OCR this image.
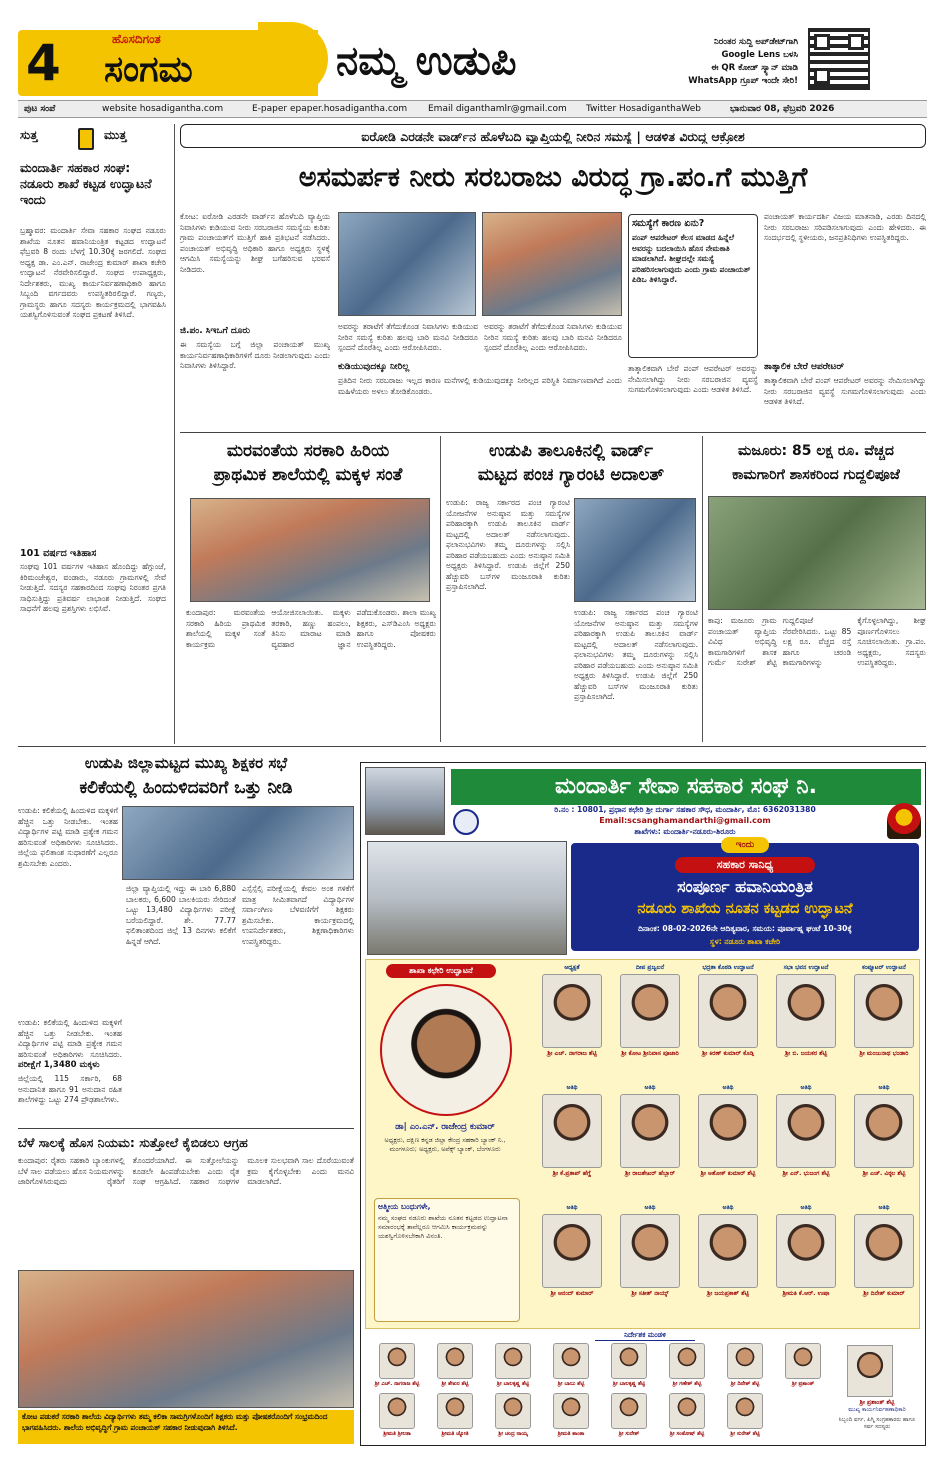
4	ಹೊಸದಿಗಂತ
ಸಂಗಮ	ನಮ್ಮ ಉಡುಪಿ	ನಿರಂತರ ಸುದ್ದಿ ಅಪ್‌ಡೇಟ್‌ಗಾಗಿ
Google Lens ಬಳಸಿ
ಈ QR ಕೋಡ್ ಸ್ಕ್ಯಾನ್ ಮಾಡಿ
WhatsApp ಗ್ರೂಪ್ ಇಂದೇ ಸೇರಿ!
ಪುಟ ಸಂಪೆ	website hosadigantha.com	E-paper epaper.hosadigantha.com Email diganthamlr@gmail.com Twitter HosadiganthaWeb	ಭಾನುವಾರ 08, ಫೆಬ್ರವರಿ 2026
ಸುತ್ತ	ಮುತ್ತ
ಮಂದಾರ್ತಿ ಸಹಕಾರ ಸಂಘ: ನಡೂರು ಶಾಖೆ ಕಟ್ಟಡ ಉದ್ಘಾಟನೆ ಇಂದು
ಬ್ರಹ್ಮಾವರ: ಮಂದಾರ್ತಿ ಸೇವಾ ಸಹಕಾರ ಸಂಘದ ನಡೂರು ಶಾಖೆಯ ನೂತನ ಹವಾನಿಯಂತ್ರಿತ ಕಟ್ಟಡದ ಉದ್ಘಾಟನೆ ಫೆಬ್ರವರಿ 8 ರಂದು ಬೆಳಗ್ಗೆ 10.30ಕ್ಕೆ ಜರಗಲಿದೆ. ಸಂಘದ ಅಧ್ಯಕ್ಷ ಡಾ. ಎಂ.ಎನ್. ರಾಜೇಂದ್ರ ಕುಮಾರ್ ಶಾಖಾ ಕಚೇರಿ ಉದ್ಘಾಟನೆ ನೆರವೇರಿಸಲಿದ್ದಾರೆ. ಸಂಘದ ಉಪಾಧ್ಯಕ್ಷರು, ನಿರ್ದೇಶಕರು, ಮುಖ್ಯ ಕಾರ್ಯನಿರ್ವಹಣಾಧಿಕಾರಿ ಹಾಗೂ ಸಿಬ್ಬಂದಿ ವರ್ಗದವರು ಉಪಸ್ಥಿತರಿರಲಿದ್ದಾರೆ. ಗಣ್ಯರು, ಗ್ರಾಮಸ್ಥರು ಹಾಗೂ ಸದಸ್ಯರು ಕಾರ್ಯಕ್ರಮದಲ್ಲಿ ಭಾಗವಹಿಸಿ ಯಶಸ್ವಿಗೊಳಿಸುವಂತೆ ಸಂಘದ ಪ್ರಕಟಣೆ ತಿಳಿಸಿದೆ.
101 ವರ್ಷದ ಇತಿಹಾಸ
ಸಂಘವು 101 ವರ್ಷಗಳ ಇತಿಹಾಸ ಹೊಂದಿದ್ದು ಹೆಗ್ಗುಂಜೆ, ಕಿರಿಮಂಜೇಶ್ವರ, ವಂಡಾರು, ನಡೂರು ಗ್ರಾಮಗಳಲ್ಲಿ ಸೇವೆ ನೀಡುತ್ತಿದೆ. ಸದಸ್ಯರ ಸಹಕಾರದಿಂದ ಸಂಘವು ನಿರಂತರ ಪ್ರಗತಿ ಸಾಧಿಸುತ್ತಿದ್ದು ಪ್ರತಿವರ್ಷ ಲಾಭಾಂಶ ನೀಡುತ್ತಿದೆ. ಸಂಘದ ಸಾಧನೆಗೆ ಹಲವು ಪ್ರಶಸ್ತಿಗಳು ಲಭಿಸಿವೆ.
ಐರೋಡಿ ಎರಡನೇ ವಾರ್ಡ್‌ನ ಹೊಳೆಬದಿ ವ್ಯಾಪ್ತಿಯಲ್ಲಿ ನೀರಿನ ಸಮಸ್ಯೆ | ಆಡಳಿತ ವಿರುದ್ಧ ಆಕ್ರೋಶ
ಅಸಮರ್ಪಕ ನೀರು ಸರಬರಾಜು ವಿರುದ್ಧ ಗ್ರಾ.ಪಂ.ಗೆ ಮುತ್ತಿಗೆ
ಕೋಟ: ಐರೋಡಿ ಎರಡನೇ ವಾರ್ಡ್‌ನ ಹೊಳೆಬದಿ ವ್ಯಾಪ್ತಿಯ ನಿವಾಸಿಗಳು ಕುಡಿಯುವ ನೀರು ಸರಬರಾಜಿನ ಸಮಸ್ಯೆಯ ಕುರಿತು ಗ್ರಾಮ ಪಂಚಾಯತ್‌ಗೆ ಮುತ್ತಿಗೆ ಹಾಕಿ ಪ್ರತಿಭಟನೆ ನಡೆಸಿದರು. ಪಂಚಾಯತ್ ಅಭಿವೃದ್ಧಿ ಅಧಿಕಾರಿ ಹಾಗೂ ಅಧ್ಯಕ್ಷರು ಸ್ಥಳಕ್ಕೆ ಆಗಮಿಸಿ ಸಮಸ್ಯೆಯನ್ನು ಶೀಘ್ರ ಬಗೆಹರಿಸುವ ಭರವಸೆ ನೀಡಿದರು.
ಜಿ.ಪಂ. ಸಿಇಒಗೆ ದೂರು
ಈ ಸಮಸ್ಯೆಯ ಬಗ್ಗೆ ಜಿಲ್ಲಾ ಪಂಚಾಯತ್ ಮುಖ್ಯ ಕಾರ್ಯನಿರ್ವಹಣಾಧಿಕಾರಿಗಳಿಗೆ ದೂರು ನೀಡಲಾಗುವುದು ಎಂದು ನಿವಾಸಿಗಳು ತಿಳಿಸಿದ್ದಾರೆ.
ಅವರನ್ನು ತರಾಟೆಗೆ ತೆಗೆದುಕೊಂಡ ನಿವಾಸಿಗಳು ಕುಡಿಯುವ ನೀರಿನ ಸಮಸ್ಯೆ ಕುರಿತು ಹಲವು ಬಾರಿ ಮನವಿ ನೀಡಿದರೂ ಸ್ಪಂದನೆ ದೊರೆತಿಲ್ಲ ಎಂದು ಆರೋಪಿಸಿದರು.
ಕುಡಿಯುವುದಕ್ಕೂ ನೀರಿಲ್ಲ
ಪ್ರತಿದಿನ ನೀರು ಸರಬರಾಜು ಇಲ್ಲದ ಕಾರಣ ಮನೆಗಳಲ್ಲಿ ಕುಡಿಯುವುದಕ್ಕೂ ನೀರಿಲ್ಲದ ಪರಿಸ್ಥಿತಿ ನಿರ್ಮಾಣವಾಗಿದೆ ಎಂದು ಮಹಿಳೆಯರು ಅಳಲು ತೋಡಿಕೊಂಡರು.
ಅವರನ್ನು ತರಾಟೆಗೆ ತೆಗೆದುಕೊಂಡ ನಿವಾಸಿಗಳು ಕುಡಿಯುವ ನೀರಿನ ಸಮಸ್ಯೆ ಕುರಿತು ಹಲವು ಬಾರಿ ಮನವಿ ನೀಡಿದರೂ ಸ್ಪಂದನೆ ದೊರೆತಿಲ್ಲ ಎಂದು ಆರೋಪಿಸಿದರು.
ಸಮಸ್ಯೆಗೆ ಕಾರಣ ಏನು?
ಪಂಪ್ ಆಪರೇಟರ್ ಕೆಲಸ ಮಾಡದ ಹಿನ್ನೆಲೆ ಅವರನ್ನು ಬದಲಾಯಿಸಿ ಹೊಸ ನೇಮಕಾತಿ ಮಾಡಲಾಗಿದೆ. ಶೀಘ್ರದಲ್ಲೇ ಸಮಸ್ಯೆ ಪರಿಹರಿಸಲಾಗುವುದು ಎಂದು ಗ್ರಾಮ ಪಂಚಾಯತ್ ಪಿಡಿಒ ತಿಳಿಸಿದ್ದಾರೆ.
ತಾತ್ಕಾಲಿಕವಾಗಿ ಬೇರೆ ಪಂಪ್ ಆಪರೇಟರ್ ಅವರನ್ನು ನೇಮಿಸಲಾಗಿದ್ದು ನೀರು ಸರಬರಾಜಿನ ವ್ಯವಸ್ಥೆ ಸುಗಮಗೊಳಿಸಲಾಗುವುದು ಎಂದು ಆಡಳಿತ ತಿಳಿಸಿದೆ.
ಪಂಚಾಯತ್ ಕಾರ್ಯದರ್ಶಿ ವಿಜಯ ಮಾತನಾಡಿ, ಎರಡು ದಿನದಲ್ಲಿ ನೀರು ಸರಬರಾಜು ಸರಿಪಡಿಸಲಾಗುವುದು ಎಂದು ಹೇಳಿದರು. ಈ ಸಂದರ್ಭದಲ್ಲಿ ಸ್ಥಳೀಯರು, ಜನಪ್ರತಿನಿಧಿಗಳು ಉಪಸ್ಥಿತರಿದ್ದರು.
ತಾತ್ಕಾಲಿಕ ಬೇರೆ ಆಪರೇಟರ್
ತಾತ್ಕಾಲಿಕವಾಗಿ ಬೇರೆ ಪಂಪ್ ಆಪರೇಟರ್ ಅವರನ್ನು ನೇಮಿಸಲಾಗಿದ್ದು ನೀರು ಸರಬರಾಜಿನ ವ್ಯವಸ್ಥೆ ಸುಗಮಗೊಳಿಸಲಾಗುವುದು ಎಂದು ಆಡಳಿತ ತಿಳಿಸಿದೆ.
ಮರವಂತೆಯ ಸರಕಾರಿ ಹಿರಿಯ
ಪ್ರಾಥಮಿಕ ಶಾಲೆಯಲ್ಲಿ ಮಕ್ಕಳ ಸಂತೆ
ಕುಂದಾಪುರ: ಮರವಂತೆಯ ಸರಕಾರಿ ಹಿರಿಯ ಪ್ರಾಥಮಿಕ ಶಾಲೆಯಲ್ಲಿ ಮಕ್ಕಳ ಸಂತೆ ಕಾರ್ಯಕ್ರಮ ಆಯೋಜಿಸಲಾಯಿತು. ಮಕ್ಕಳು ತರಕಾರಿ, ಹಣ್ಣು ಹಂಪಲು, ತಿನಿಸು ಮಾರಾಟ ಮಾಡಿ ವ್ಯವಹಾರ ಜ್ಞಾನ ಪಡೆದುಕೊಂಡರು. ಶಾಲಾ ಮುಖ್ಯ ಶಿಕ್ಷಕರು, ಎಸ್‌ಡಿಎಂಸಿ ಅಧ್ಯಕ್ಷರು ಹಾಗೂ ಪೋಷಕರು ಉಪಸ್ಥಿತರಿದ್ದರು.
ಉಡುಪಿ ತಾಲೂಕಿನಲ್ಲಿ ವಾರ್ಡ್
ಮಟ್ಟದ ಪಂಚ ಗ್ಯಾರಂಟಿ ಅದಾಲತ್
ಉಡುಪಿ: ರಾಜ್ಯ ಸರ್ಕಾರದ ಪಂಚ ಗ್ಯಾರಂಟಿ ಯೋಜನೆಗಳ ಅನುಷ್ಠಾನ ಮತ್ತು ಸಮಸ್ಯೆಗಳ ಪರಿಹಾರಕ್ಕಾಗಿ ಉಡುಪಿ ತಾಲೂಕಿನ ವಾರ್ಡ್ ಮಟ್ಟದಲ್ಲಿ ಅದಾಲತ್ ನಡೆಸಲಾಗುವುದು. ಫಲಾನುಭವಿಗಳು ತಮ್ಮ ದೂರುಗಳನ್ನು ಸಲ್ಲಿಸಿ ಪರಿಹಾರ ಪಡೆಯಬಹುದು ಎಂದು ಅನುಷ್ಠಾನ ಸಮಿತಿ ಅಧ್ಯಕ್ಷರು ತಿಳಿಸಿದ್ದಾರೆ. ಉಡುಪಿ ಜಿಲ್ಲೆಗೆ 250 ಹೆಚ್ಚುವರಿ ಬಸ್‌ಗಳ ಮಂಜೂರಾತಿ ಕುರಿತು ಪ್ರಸ್ತಾಪಿಸಲಾಗಿದೆ.
ಉಡುಪಿ: ರಾಜ್ಯ ಸರ್ಕಾರದ ಪಂಚ ಗ್ಯಾರಂಟಿ ಯೋಜನೆಗಳ ಅನುಷ್ಠಾನ ಮತ್ತು ಸಮಸ್ಯೆಗಳ ಪರಿಹಾರಕ್ಕಾಗಿ ಉಡುಪಿ ತಾಲೂಕಿನ ವಾರ್ಡ್ ಮಟ್ಟದಲ್ಲಿ ಅದಾಲತ್ ನಡೆಸಲಾಗುವುದು. ಫಲಾನುಭವಿಗಳು ತಮ್ಮ ದೂರುಗಳನ್ನು ಸಲ್ಲಿಸಿ ಪರಿಹಾರ ಪಡೆಯಬಹುದು ಎಂದು ಅನುಷ್ಠಾನ ಸಮಿತಿ ಅಧ್ಯಕ್ಷರು ತಿಳಿಸಿದ್ದಾರೆ. ಉಡುಪಿ ಜಿಲ್ಲೆಗೆ 250 ಹೆಚ್ಚುವರಿ ಬಸ್‌ಗಳ ಮಂಜೂರಾತಿ ಕುರಿತು ಪ್ರಸ್ತಾಪಿಸಲಾಗಿದೆ.
ಮಜೂರು: 85 ಲಕ್ಷ ರೂ. ವೆಚ್ಚದ
ಕಾಮಗಾರಿಗೆ ಶಾಸಕರಿಂದ ಗುದ್ದಲಿಪೂಜೆ
ಕಾಪು: ಮಜೂರು ಗ್ರಾಮ ಪಂಚಾಯತ್ ವ್ಯಾಪ್ತಿಯ ವಿವಿಧ ಅಭಿವೃದ್ಧಿ ಕಾಮಗಾರಿಗಳಿಗೆ ಶಾಸಕ ಗುರ್ಮೆ ಸುರೇಶ್ ಶೆಟ್ಟಿ ಗುದ್ದಲಿಪೂಜೆ ನೆರವೇರಿಸಿದರು. ಒಟ್ಟು 85 ಲಕ್ಷ ರೂ. ವೆಚ್ಚದ ರಸ್ತೆ ಹಾಗೂ ಚರಂಡಿ ಕಾಮಗಾರಿಗಳನ್ನು ಕೈಗೊಳ್ಳಲಾಗಿದ್ದು, ಶೀಘ್ರ ಪೂರ್ಣಗೊಳಿಸಲು ಸೂಚಿಸಲಾಯಿತು. ಗ್ರಾ.ಪಂ. ಅಧ್ಯಕ್ಷರು, ಸದಸ್ಯರು ಉಪಸ್ಥಿತರಿದ್ದರು.
ಉಡುಪಿ ಜಿಲ್ಲಾಮಟ್ಟದ ಮುಖ್ಯ ಶಿಕ್ಷಕರ ಸಭೆ
ಕಲಿಕೆಯಲ್ಲಿ ಹಿಂದುಳಿದವರಿಗೆ ಒತ್ತು ನೀಡಿ
ಉಡುಪಿ: ಕಲಿಕೆಯಲ್ಲಿ ಹಿಂದುಳಿದ ಮಕ್ಕಳಿಗೆ ಹೆಚ್ಚಿನ ಒತ್ತು ನೀಡಬೇಕು. ಇಂತಹ ವಿದ್ಯಾರ್ಥಿಗಳ ಪಟ್ಟಿ ಮಾಡಿ ಪ್ರತ್ಯೇಕ ಗಮನ ಹರಿಸುವಂತೆ ಅಧಿಕಾರಿಗಳು ಸೂಚಿಸಿದರು. ಜಿಲ್ಲೆಯ ಫಲಿತಾಂಶ ಸುಧಾರಣೆಗೆ ಎಲ್ಲರೂ ಶ್ರಮಿಸಬೇಕು ಎಂದರು.
ಪರೀಕ್ಷೆಗೆ 1,3480 ಮಕ್ಕಳು
ಜಿಲ್ಲೆಯಲ್ಲಿ 115 ಸರ್ಕಾರಿ, 68 ಅನುದಾನಿತ ಹಾಗೂ 91 ಅನುದಾನ ರಹಿತ ಶಾಲೆಗಳಿದ್ದು ಒಟ್ಟು 274 ಪ್ರೌಢಶಾಲೆಗಳು.
ಜಿಲ್ಲಾ ವ್ಯಾಪ್ತಿಯಲ್ಲಿ ಇದ್ದು ಈ ಬಾರಿ 6,880 ಬಾಲಕರು, 6,600 ಬಾಲಕಿಯರು ಸೇರಿದಂತೆ ಒಟ್ಟು 13,480 ವಿದ್ಯಾರ್ಥಿಗಳು ಪರೀಕ್ಷೆ ಬರೆಯಲಿದ್ದಾರೆ. ಶೇ. 77.77 ಫಲಿತಾಂಶದಿಂದ ಜಿಲ್ಲೆ 13 ದಿನಗಳು ಕಲಿಕೆಗೆ ಹಿನ್ನಡೆ ಆಗಿದೆ.
ಎಸ್ಸೆಸ್ಸೆಲ್ಸಿ ಪರೀಕ್ಷೆಯಲ್ಲಿ ಕೇವಲ ಅಂಕ ಗಳಿಕೆಗೆ ಮಾತ್ರ ಸೀಮಿತವಾಗದೆ ವಿದ್ಯಾರ್ಥಿಗಳ ಸರ್ವಾಂಗೀಣ ಬೆಳವಣಿಗೆಗೆ ಶಿಕ್ಷಕರು ಶ್ರಮಿಸಬೇಕು. ಕಾರ್ಯಕ್ರಮದಲ್ಲಿ ಉಪನಿರ್ದೇಶಕರು, ಶಿಕ್ಷಣಾಧಿಕಾರಿಗಳು ಉಪಸ್ಥಿತರಿದ್ದರು.
ಉಡುಪಿ: ಕಲಿಕೆಯಲ್ಲಿ ಹಿಂದುಳಿದ ಮಕ್ಕಳಿಗೆ ಹೆಚ್ಚಿನ ಒತ್ತು ನೀಡಬೇಕು. ಇಂತಹ ವಿದ್ಯಾರ್ಥಿಗಳ ಪಟ್ಟಿ ಮಾಡಿ ಪ್ರತ್ಯೇಕ ಗಮನ ಹರಿಸುವಂತೆ ಅಧಿಕಾರಿಗಳು ಸೂಚಿಸಿದರು.
ಬೆಳೆ ಸಾಲಕ್ಕೆ ಹೊಸ ನಿಯಮ: ಸುತ್ತೋಲೆ ಕೈಬಿಡಲು ಆಗ್ರಹ
ಕುಂದಾಪುರ: ರೈತರು ಸಹಕಾರಿ ಬ್ಯಾಂಕುಗಳಲ್ಲಿ ಬೆಳೆ ಸಾಲ ಪಡೆಯಲು ಹೊಸ ನಿಯಮಗಳನ್ನು ಜಾರಿಗೊಳಿಸಿರುವುದು ರೈತರಿಗೆ ತೊಂದರೆಯಾಗಿದೆ. ಈ ಸುತ್ತೋಲೆಯನ್ನು ಕೂಡಲೇ ಹಿಂಪಡೆಯಬೇಕು ಎಂದು ರೈತ ಸಂಘ ಆಗ್ರಹಿಸಿದೆ. ಸಹಕಾರ ಸಂಘಗಳ ಮೂಲಕ ಸುಲಭವಾಗಿ ಸಾಲ ದೊರೆಯುವಂತೆ ಕ್ರಮ ಕೈಗೊಳ್ಳಬೇಕು ಎಂದು ಮನವಿ ಮಾಡಲಾಗಿದೆ.
ಕೋಟ ಪಡುಕರೆ ಸರಕಾರಿ ಶಾಲೆಯ ವಿದ್ಯಾರ್ಥಿಗಳು ತಮ್ಮ ಕಲಿಕಾ ಸಾಮಗ್ರಿಗಳೊಂದಿಗೆ ಶಿಕ್ಷಕರು ಮತ್ತು ಪೋಷಕರೊಂದಿಗೆ ಸಂಭ್ರಮದಿಂದ ಭಾಗವಹಿಸಿದರು. ಶಾಲೆಯ ಅಭಿವೃದ್ಧಿಗೆ ಗ್ರಾಮ ಪಂಚಾಯತ್ ಸಹಕಾರ ನೀಡುವುದಾಗಿ ತಿಳಿಸಿದೆ.
ಮಂದಾರ್ತಿ ಸೇವಾ ಸಹಕಾರ ಸಂಘ ನಿ.
ರಿ.ನಂ : 10801, ಪ್ರಧಾನ ಕಛೇರಿ ಶ್ರೀ ದುರ್ಗಾ ಸಹಕಾರ ಸೌಧ, ಮಂದಾರ್ತಿ, ಮೊ: 6362031380
Email:scsanghamandarthi@gmail.com
ಶಾಖೆಗಳು: ಮಂದಾರ್ತಿ-ನಡೂರು-ಶಿರೂರು
ಇಂದು
ಸಹಕಾರ ಸಾನಿಧ್ಯ
ಸಂಪೂರ್ಣ ಹವಾನಿಯಂತ್ರಿತ
ನಡೂರು ಶಾಖೆಯ ನೂತನ ಕಟ್ಟಡದ ಉದ್ಘಾಟನೆ
ದಿನಾಂಕ: 08-02-2026ನೇ ಆದಿತ್ಯವಾರ, ಸಮಯ: ಪೂರ್ವಾಹ್ನ ಘಂಟೆ 10-30ಕ್ಕೆ
ಸ್ಥಳ: ನಡೂರು ಶಾಖಾ ಕಚೇರಿ
ಶಾಖಾ ಕಛೇರಿ ಉದ್ಘಾಟನೆ
ಡಾ| ಎಂ.ಎನ್. ರಾಜೇಂದ್ರ ಕುಮಾರ್
ಅಧ್ಯಕ್ಷರು, ದಕ್ಷಿಣ ಕನ್ನಡ ಜಿಲ್ಲಾ ಕೇಂದ್ರ ಸಹಕಾರಿ ಬ್ಯಾಂಕ್ ನಿ., ಮಂಗಳೂರು; ಅಧ್ಯಕ್ಷರು, ಅಪೆಕ್ಸ್ ಬ್ಯಾಂಕ್, ಬೆಂಗಳೂರು
ಆತ್ಮೀಯ ಬಂಧುಗಳೇ,
ನಮ್ಮ ಸಂಘದ ನಡೂರು ಶಾಖೆಯ ನೂತನ ಕಟ್ಟಡದ ಉದ್ಘಾಟನಾ ಸಮಾರಂಭಕ್ಕೆ ತಾವೆಲ್ಲರೂ ಆಗಮಿಸಿ ಕಾರ್ಯಕ್ರಮವನ್ನು ಯಶಸ್ವಿಗೊಳಿಸಬೇಕಾಗಿ ವಿನಂತಿ.
ಅಧ್ಯಕ್ಷತೆ
ಶ್ರೀ ಎಚ್. ನಾಗರಾಜ ಶೆಟ್ಟಿ
ದೀಪ ಪ್ರಜ್ವಲನೆ
ಶ್ರೀ ಕೋಟ ಶ್ರೀನಿವಾಸ ಪೂಜಾರಿ
ಭದ್ರತಾ ಕೊಠಡಿ ಉದ್ಘಾಟನೆ
ಶ್ರೀ ಕಿರಣ್ ಕುಮಾರ್ ಕೊಡ್ಗಿ
ಸಭಾ ಭವನ ಉದ್ಘಾಟನೆ
ಶ್ರೀ ಬಿ. ಜಯಕರ ಶೆಟ್ಟಿ
ಕಂಪ್ಯೂಟರ್ ಉದ್ಘಾಟನೆ
ಶ್ರೀ ಮಂಜುನಾಥ ಭಂಡಾರಿ
ಅತಿಥಿ
ಶ್ರೀ ಕೆ.ಪ್ರತಾಪ್ ಹೆಗ್ಡೆ
ಅತಿಥಿ
ಶ್ರೀ ರಾಜಶೇಖರ್ ಹೆಬ್ಬಾರ್
ಅತಿಥಿ
ಶ್ರೀ ಅಶೋಕ್ ಕುಮಾರ್ ಶೆಟ್ಟಿ
ಅತಿಥಿ
ಶ್ರೀ ಎನ್. ಭುಜಂಗ ಶೆಟ್ಟಿ
ಅತಿಥಿ
ಶ್ರೀ ಎಚ್. ವಿಠ್ಠಲ ಶೆಟ್ಟಿ
ಅತಿಥಿ
ಶ್ರೀ ಆನಂದ್ ಕುಮಾರ್
ಅತಿಥಿ
ಶ್ರೀ ಸತೀಶ್ ನಾಯ್ಕ್
ಅತಿಥಿ
ಶ್ರೀ ಜಯಪ್ರಕಾಶ್ ಶೆಟ್ಟಿ
ಅತಿಥಿ
ಶ್ರೀಮತಿ ಕೆ.ಆರ್. ಉಷಾ
ಅತಿಥಿ
ಶ್ರೀ ದಿನೇಶ್ ಕುಮಾರ್
ನಿರ್ದೇಶಕ ಮಂಡಳಿ
ಶ್ರೀ ಎಚ್. ನಾಗರಾಜ ಶೆಟ್ಟಿ	ಶ್ರೀ ಶೇಖರ ಶೆಟ್ಟಿ	ಶ್ರೀ ಬಾಲಕೃಷ್ಣ ಶೆಟ್ಟಿ	ಶ್ರೀ ಬಾಬು ಶೆಟ್ಟಿ	ಶ್ರೀ ಬಾಲಕೃಷ್ಣ ಶೆಟ್ಟಿ	ಶ್ರೀ ಗಣೇಶ್ ಶೆಟ್ಟಿ	ಶ್ರೀ ದಿನೇಶ್ ಶೆಟ್ಟಿ	ಶ್ರೀ ಪ್ರಶಾಂತ್
ಶ್ರೀಮತಿ ಶ್ರೀಲತಾ	ಶ್ರೀಮತಿ ಜ್ಯೋತಿ	ಶ್ರೀ ಚಂದ್ರ ನಾಯ್ಕ	ಶ್ರೀಮತಿ ಶಾಂತಾ	ಶ್ರೀ ಸುರೇಶ್	ಶ್ರೀ ಸಂತೋಷ್ ಶೆಟ್ಟಿ	ಶ್ರೀ ಸುರೇಶ್ ಶೆಟ್ಟಿ
ಶ್ರೀ ಪ್ರಶಾಂತ್ ಶೆಟ್ಟಿ
ಮುಖ್ಯ ಕಾರ್ಯನಿರ್ವಹಣಾಧಿಕಾರಿ
ಸಿಬ್ಬಂದಿ ವರ್ಗ, ಪಿಗ್ಮಿ ಸಂಗ್ರಹಕಾರರು ಹಾಗೂ ಸರ್ವ ಸದಸ್ಯರು
